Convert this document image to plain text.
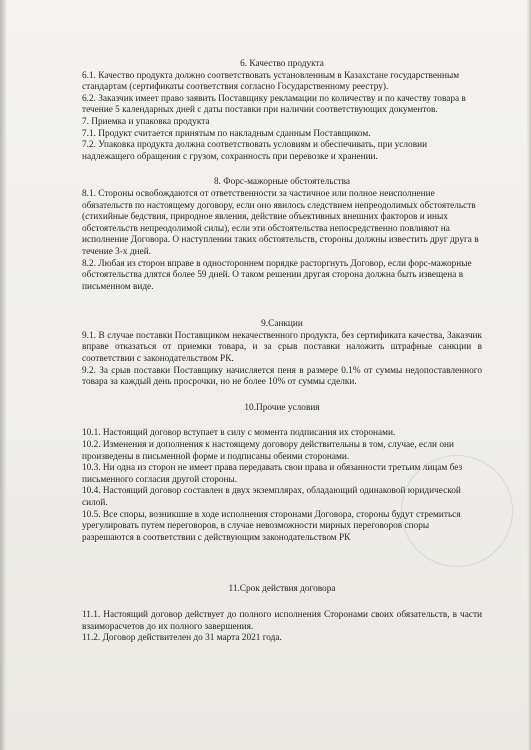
6. Качество продукта

6.1. Качество продукта должно соответствовать установленным в Казахстане государственным стандартам (сертификаты соответствия согласно Государственному реестру).

6.2. Заказчик имеет право заявить Поставщику рекламации по количеству и по качеству товара в течение 5 календарных дней с даты поставки при наличии соответствующих документов.

7. Приемка и упаковка продукта

7.1. Продукт считается принятым по накладным сданным Поставщиком.

7.2. Упаковка продукта должна соответствовать условиям и обеспечивать, при условии надлежащего обращения с грузом, сохранность при перевозке и хранении.

8. Форс-мажорные обстоятельства

8.1. Стороны освобождаются от ответственности за частичное или полное неисполнение обязательств по настоящему договору, если оно явилось следствием непреодолимых обстоятельств (стихийные бедствия, природное явления, действие объективных внешних факторов и иных обстоятельств непреодолимой силы), если эти обстоятельства непосредственно повлияют на исполнение Договора. О наступлении таких обстоятельств, стороны должны известить друг друга в течение 3-х дней.

8.2. Любая из сторон вправе в одностороннем порядке расторгнуть Договор, если форс-мажорные обстоятельства длятся более 59 дней. О таком решении другая сторона должна быть извещена в письменном виде.

9.Санкции

9.1. В случае поставки Поставщиком некачественного продукта, без сертификата качества, Заказчик вправе отказаться от приемки товара, и за срыв поставки наложить штрафные санкции в соответствии с законодательством РК.

9.2. За срыв поставки Поставщику начисляется пеня в размере 0.1% от суммы недопоставленного товара за каждый день просрочки, но не более 10% от суммы сделки.

10.Прочие условия

10.1. Настоящий договор вступает в силу с момента подписания их сторонами.

10.2. Изменения и дополнения к настоящему договору действительны в том, случае, если они произведены в письменной форме и подписаны обеими сторонами.

10.3. Ни одна из сторон не имеет права передавать свои права и обязанности третьим лицам без письменного согласия другой стороны.

10.4. Настоящий договор составлен в двух экземплярах, обладающий одинаковой юридической силой.

10.5. Все споры, возникшие в ходе исполнения сторонами Договора, стороны будут стремиться урегулировать путем переговоров, в случае невозможности мирных переговоров споры разрешаются в соответствии с действующим законодательством РК

11.Срок действия договора

11.1. Настоящий договор действует до полного исполнения Сторонами своих обязательств, в части взаиморасчетов до их полного завершения.

11.2. Договор действителен до 31 марта 2021 года.
